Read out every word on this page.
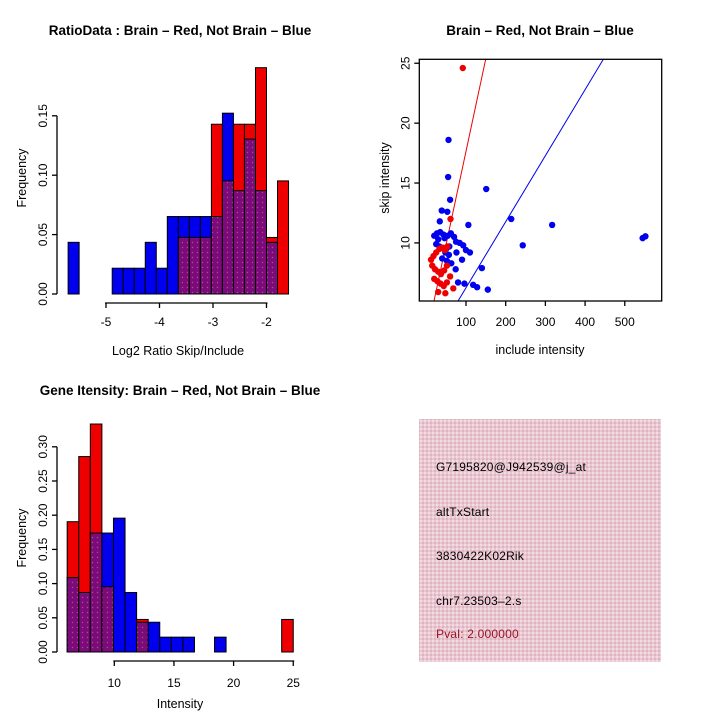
0.00
0.05
0.10
0.15
-5	-4	-3	-2
RatioData : Brain – Red, Not Brain – Blue
Log2 Ratio Skip/Include
Frequency
100 200 300 400 500
10
15
20
25
Brain – Red, Not Brain – Blue
include intensity
skip intensity
0.00
0.05
0.10
0.15
0.20
0.25
0.30
10	15	20	25
Gene Itensity: Brain – Red, Not Brain – Blue
Intensity
Frequency
G7195820@J942539@j_at
altTxStart
3830422K02Rik
chr7.23503–2.s
Pval: 2.000000
